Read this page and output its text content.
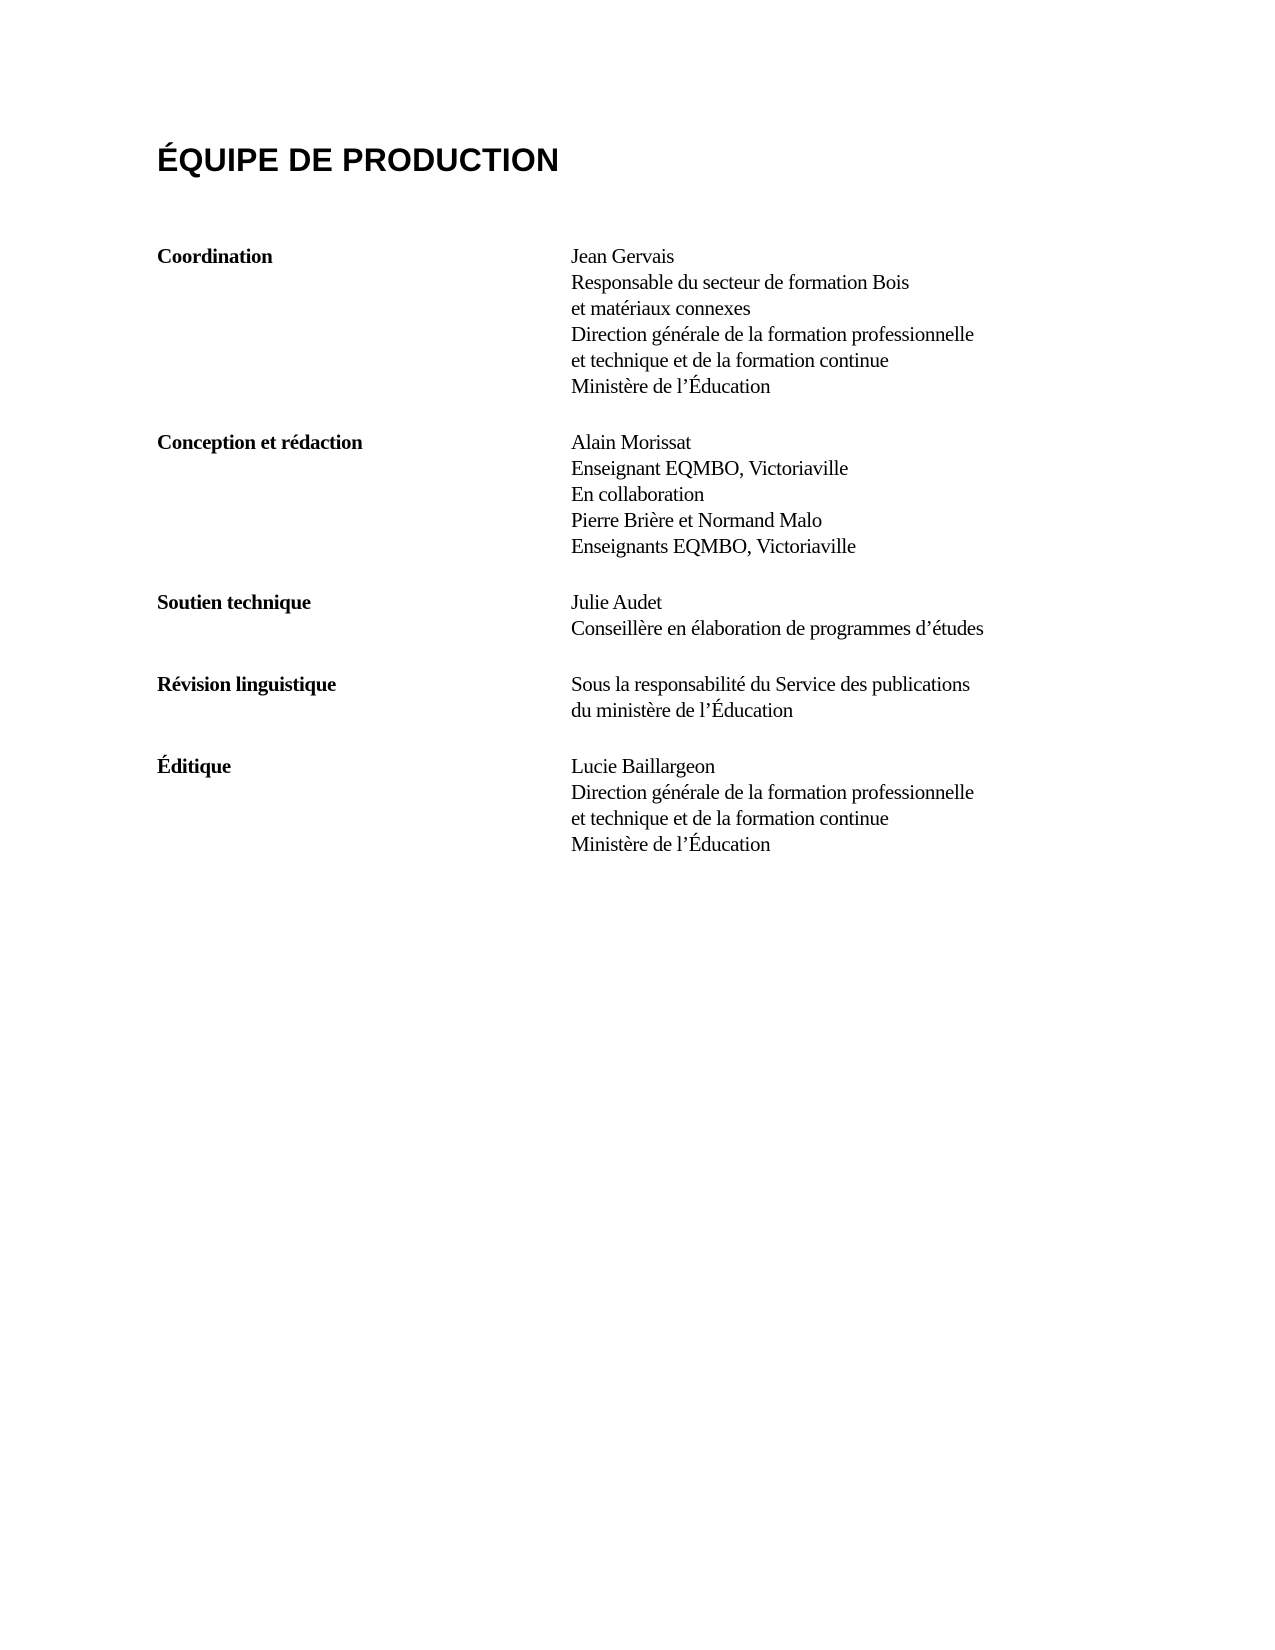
ÉQUIPE DE PRODUCTION
Coordination	Jean Gervais
Responsable du secteur de formation Bois
et matériaux connexes
Direction générale de la formation professionnelle
et technique et de la formation continue
Ministère de l’Éducation
Conception et rédaction	Alain Morissat
Enseignant EQMBO, Victoriaville
En collaboration
Pierre Brière et Normand Malo
Enseignants EQMBO, Victoriaville
Soutien technique	Julie Audet
Conseillère en élaboration de programmes d’études
Révision linguistique	Sous la responsabilité du Service des publications
du ministère de l’Éducation
Éditique	Lucie Baillargeon
Direction générale de la formation professionnelle
et technique et de la formation continue
Ministère de l’Éducation
